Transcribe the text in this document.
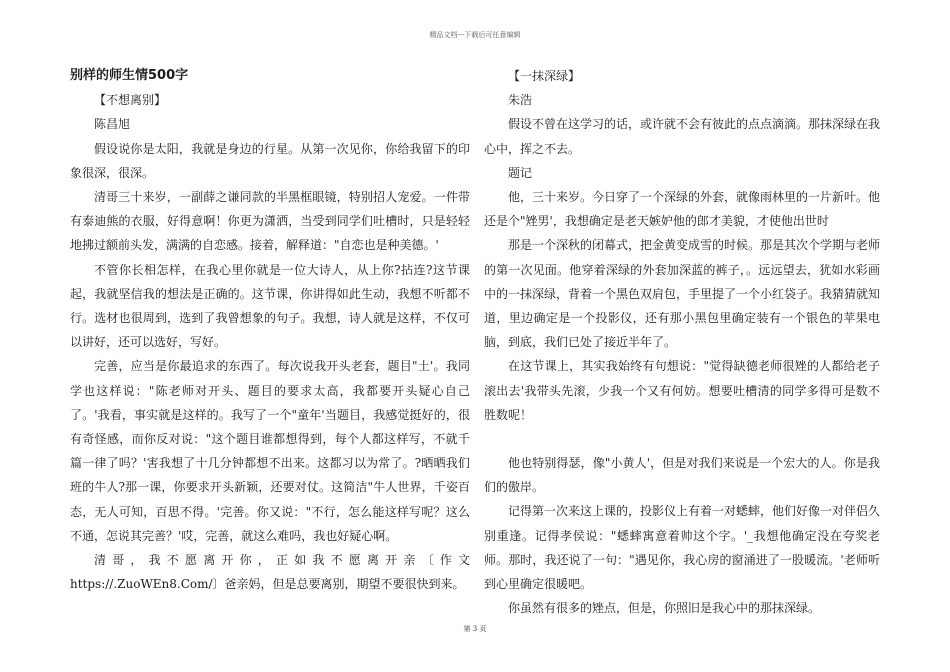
精品文档---下载后可任意编辑
别样的师生情500字

【不想离别】

陈昌旭

假设说你是太阳，我就是身边的行星。从第一次见你，你给我留下的印象很深，很深。

清哥三十来岁，一副薛之谦同款的半黑框眼镜，特别招人宠爱。一件带有泰迪熊的衣服，好得意啊！你更为潇洒，当受到同学们吐槽时，只是轻轻地拂过额前头发，满满的自恋感。接着，解释道："自恋也是种美德。'

不管你长相怎样，在我心里你就是一位大诗人，从上你?拈连?这节课起，我就坚信我的想法是正确的。这节课，你讲得如此生动，我想不听都不行。选材也很周到，选到了我曾想象的句子。我想，诗人就是这样，不仅可以讲好，还可以选好，写好。

完善，应当是你最追求的东西了。每次说我开头老套，题目"土'。我同学也这样说："陈老师对开头、题目的要求太高，我都要开头疑心自己了。'我看，事实就是这样的。我写了一个"童年'当题目，我感觉挺好的，很有奇怪感，而你反对说："这个题目谁都想得到，每个人都这样写，不就千篇一律了吗？'害我想了十几分钟都想不出来。这都习以为常了。?晒晒我们班的牛人?那一课，你要求开头新颖，还要对仗。这简洁"牛人世界，千姿百态，无人可知，百思不得。'完善。你又说："不行，怎么能这样写呢？这么不通，怎说其完善？'哎，完善，就这么难吗，我也好疑心啊。

清哥，我不愿离开你，正如我不愿离开亲〔作文https://.ZuoWEn8.Com/〕爸亲妈，但是总要离别，期望不要很快到来。

【一抹深绿】

朱浩

假设不曾在这学习的话，或许就不会有彼此的点点滴滴。那抹深绿在我心中，挥之不去。

题记

他，三十来岁。今日穿了一个深绿的外套，就像雨林里的一片新叶。他还是个"矬男'，我想确定是老天嫉妒他的郎才美貌，才使他出世时

那是一个深秋的闭幕式，把金黄变成雪的时候。那是其次个学期与老师的第一次见面。他穿着深绿的外套加深蓝的裤子，。远远望去，犹如水彩画中的一抹深绿，背着一个黑色双肩包，手里提了一个小红袋子。我猜猜就知道，里边确定是一个投影仪，还有那小黑包里确定装有一个银色的苹果电脑，到底，我们已处了接近半年了。

在这节课上，其实我始终有句想说："觉得缺德老师很矬的人都给老子滚出去'我带头先滚，少我一个又有何妨。想要吐槽清的同学多得可是数不胜数呢！

他也特别得瑟，像"小黄人'，但是对我们来说是一个宏大的人。你是我们的傲岸。

记得第一次来这上课的，投影仪上有着一对蟋蟀，他们好像一对伴侣久别重逢。记得孝侯说："蟋蟀寓意着帅这个字。'_我想他确定没在夸奖老师。那时，我还说了一句："遇见你，我心房的窗涌进了一股暖流。'老师听到心里确定很暖吧。

你虽然有很多的矬点，但是，你照旧是我心中的那抹深绿。

第 3 页
